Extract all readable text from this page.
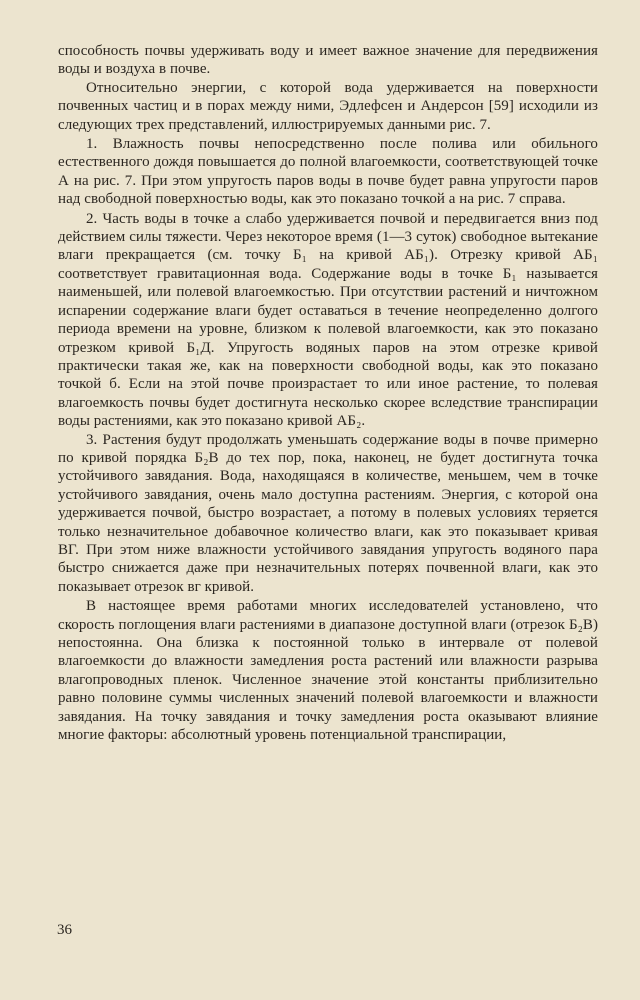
способность почвы удерживать воду и имеет важное значение для передвижения воды и воздуха в почве.

Относительно энергии, с которой вода удерживается на поверхности почвенных частиц и в порах между ними, Эдлефсен и Андерсон [59] исходили из следующих трех представлений, иллюстрируемых данными рис. 7.

1. Влажность почвы непосредственно после полива или обильного естественного дождя повышается до полной влагоемкости, соответствующей точке А на рис. 7. При этом упругость паров воды в почве будет равна упругости паров над свободной поверхностью воды, как это показано точкой а на рис. 7 справа.

2. Часть воды в точке а слабо удерживается почвой и передвигается вниз под действием силы тяжести. Через некоторое время (1—3 суток) свободное вытекание влаги прекращается (см. точку Б₁ на кривой АБ₁). Отрезку кривой АБ₁ соответствует гравитационная вода. Содержание воды в точке Б₁ называется наименьшей, или полевой влагоемкостью. При отсутствии растений и ничтожном испарении содержание влаги будет оставаться в течение неопределенно долгого периода времени на уровне, близком к полевой влагоемкости, как это показано отрезком кривой Б₁Д. Упругость водяных паров на этом отрезке кривой практически такая же, как на поверхности свободной воды, как это показано точкой б. Если на этой почве произрастает то или иное растение, то полевая влагоемкость почвы будет достигнута несколько скорее вследствие транспирации воды растениями, как это показано кривой АБ₂.

3. Растения будут продолжать уменьшать содержание воды в почве примерно по кривой порядка Б₂В до тех пор, пока, наконец, не будет достигнута точка устойчивого завядания. Вода, находящаяся в количестве, меньшем, чем в точке устойчивого завядания, очень мало доступна растениям. Энергия, с которой она удерживается почвой, быстро возрастает, а потому в полевых условиях теряется только незначительное добавочное количество влаги, как это показывает кривая ВГ. При этом ниже влажности устойчивого завядания упругость водяного пара быстро снижается даже при незначительных потерях почвенной влаги, как это показывает отрезок вг кривой.

В настоящее время работами многих исследователей установлено, что скорость поглощения влаги растениями в диапазоне доступной влаги (отрезок Б₂В) непостоянна. Она близка к постоянной только в интервале от полевой влагоемкости до влажности замедления роста растений или влажности разрыва влагопроводных пленок. Численное значение этой константы приблизительно равно половине суммы численных значений полевой влагоемкости и влажности завядания. На точку завядания и точку замедления роста оказывают влияние многие факторы: абсолютный уровень потенциальной транспирации,

36
